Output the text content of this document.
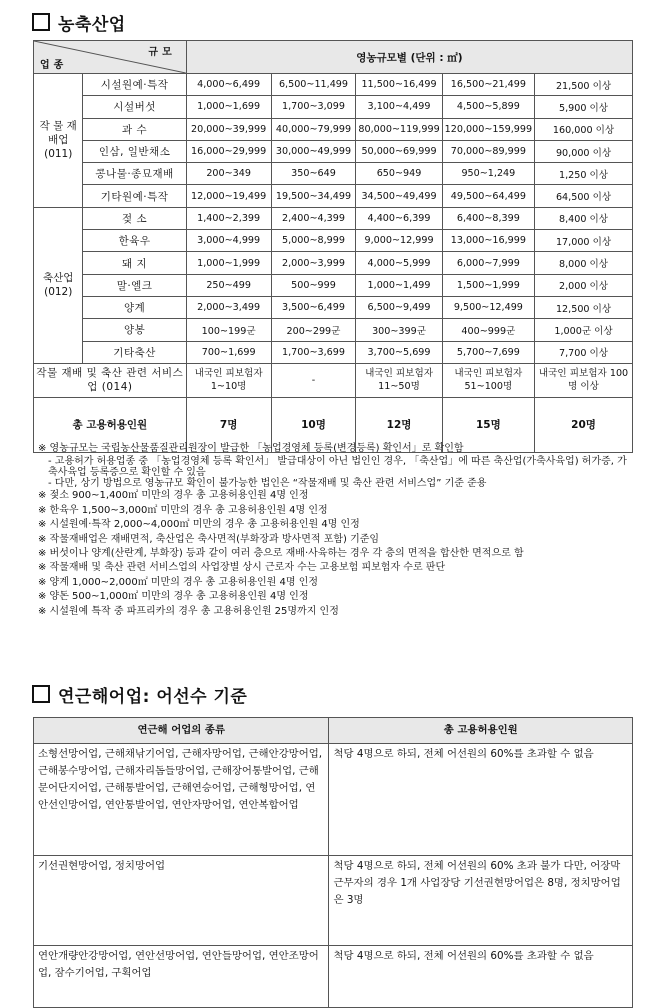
농축산업
규모
업종		영농규모별 (단위 : ㎡)				
작 물 재배업 (011)	시설원예·특작	4,000~6,499	6,500~11,499	11,500~16,499	16,500~21,499	21,500 이상
	시설버섯	1,000~1,699	1,700~3,099	3,100~4,499	4,500~5,899	5,900 이상
	과 수	20,000~39,999	40,000~79,999	80,000~119,999	120,000~159,999	160,000 이상
	인삼, 일반채소	16,000~29,999	30,000~49,999	50,000~69,999	70,000~89,999	90,000 이상
	콩나물·종묘재배	200~349	350~649	650~949	950~1,249	1,250 이상
	기타원예·특작	12,000~19,499	19,500~34,499	34,500~49,499	49,500~64,499	64,500 이상
축산업 (012)	젖 소	1,400~2,399	2,400~4,399	4,400~6,399	6,400~8,399	8,400 이상
	한육우	3,000~4,999	5,000~8,999	9,000~12,999	13,000~16,999	17,000 이상
	돼 지	1,000~1,999	2,000~3,999	4,000~5,999	6,000~7,999	8,000 이상
	말·엘크	250~499	500~999	1,000~1,499	1,500~1,999	2,000 이상
	양계	2,000~3,499	3,500~6,499	6,500~9,499	9,500~12,499	12,500 이상
	양봉	100~199군	200~299군	300~399군	400~999군	1,000군 이상
	기타축산	700~1,699	1,700~3,699	3,700~5,699	5,700~7,699	7,700 이상
작물 재배 및 축산 관련 서비스업 (014)		내국인 피보험자 1~10명	-	내국인 피보험자 11~50명	내국인 피보험자 51~100명	내국인 피보험자 100명 이상
총 고용허용인원		7명	10명	12명	15명	20명
※ 영농규모는 국립농산물품질관리원장이 발급한 「농업경영체 등록(변경등록) 확인서」로 확인함
- 고용허가 허용업종 중 「농업경영체 등록 확인서」 발급대상이 아닌 법인인 경우, 「축산업」에 따른 축산업(가축사육업) 허가증, 가축사육업 등록증으로 확인할 수 있음
- 다만, 상기 방법으로 영농규모 확인이 불가능한 법인은 “작물재배 및 축산 관련 서비스업” 기준 준용
※ 젖소 900~1,400㎡ 미만의 경우 총 고용허용인원 4명 인정
※ 한육우 1,500~3,000㎡ 미만의 경우 총 고용허용인원 4명 인정
※ 시설원예·특작 2,000~4,000㎡ 미만의 경우 총 고용허용인원 4명 인정
※ 작물재배업은 재배면적, 축산업은 축사면적(부화장과 방사면적 포함) 기준임
※ 버섯이나 양계(산란계, 부화장) 등과 같이 여러 층으로 재배·사육하는 경우 각 층의 면적을 합산한 면적으로 함
※ 작물재배 및 축산 관련 서비스업의 사업장별 상시 근로자 수는 고용보험 피보험자 수로 판단
※ 양계 1,000~2,000㎡ 미만의 경우 총 고용허용인원 4명 인정
※ 양돈 500~1,000㎡ 미만의 경우 총 고용허용인원 4명 인정
※ 시설원예 특작 중 파프리카의 경우 총 고용허용인원 25명까지 인정
연근해어업: 어선수 기준
연근해 어업의 종류	총 고용허용인원
소형선망어업, 근해채낚기어업, 근해자망어업, 근해안강망어업, 근해봉수망어업, 근해자리돔들망어업, 근해장어통발어업, 근해문어단지어업, 근해통발어업, 근해연승어업, 근해형망어업, 연안선인망어업, 연안통발어업, 연안자망어업, 연안복합어업	척당 4명으로 하되, 전체 어선원의 60%를 초과할 수 없음
기선권현망어업, 정치망어업	척당 4명으로 하되, 전체 어선원의 60% 초과 불가 다만, 어장막 근무자의 경우 1개 사업장당 기선권현망어업은 8명, 정치망어업은 3명
연안개량안강망어업, 연안선망어업, 연안들망어업, 연안조망어업, 잠수기어업, 구획어업	척당 4명으로 하되, 전체 어선원의 60%를 초과할 수 없음
